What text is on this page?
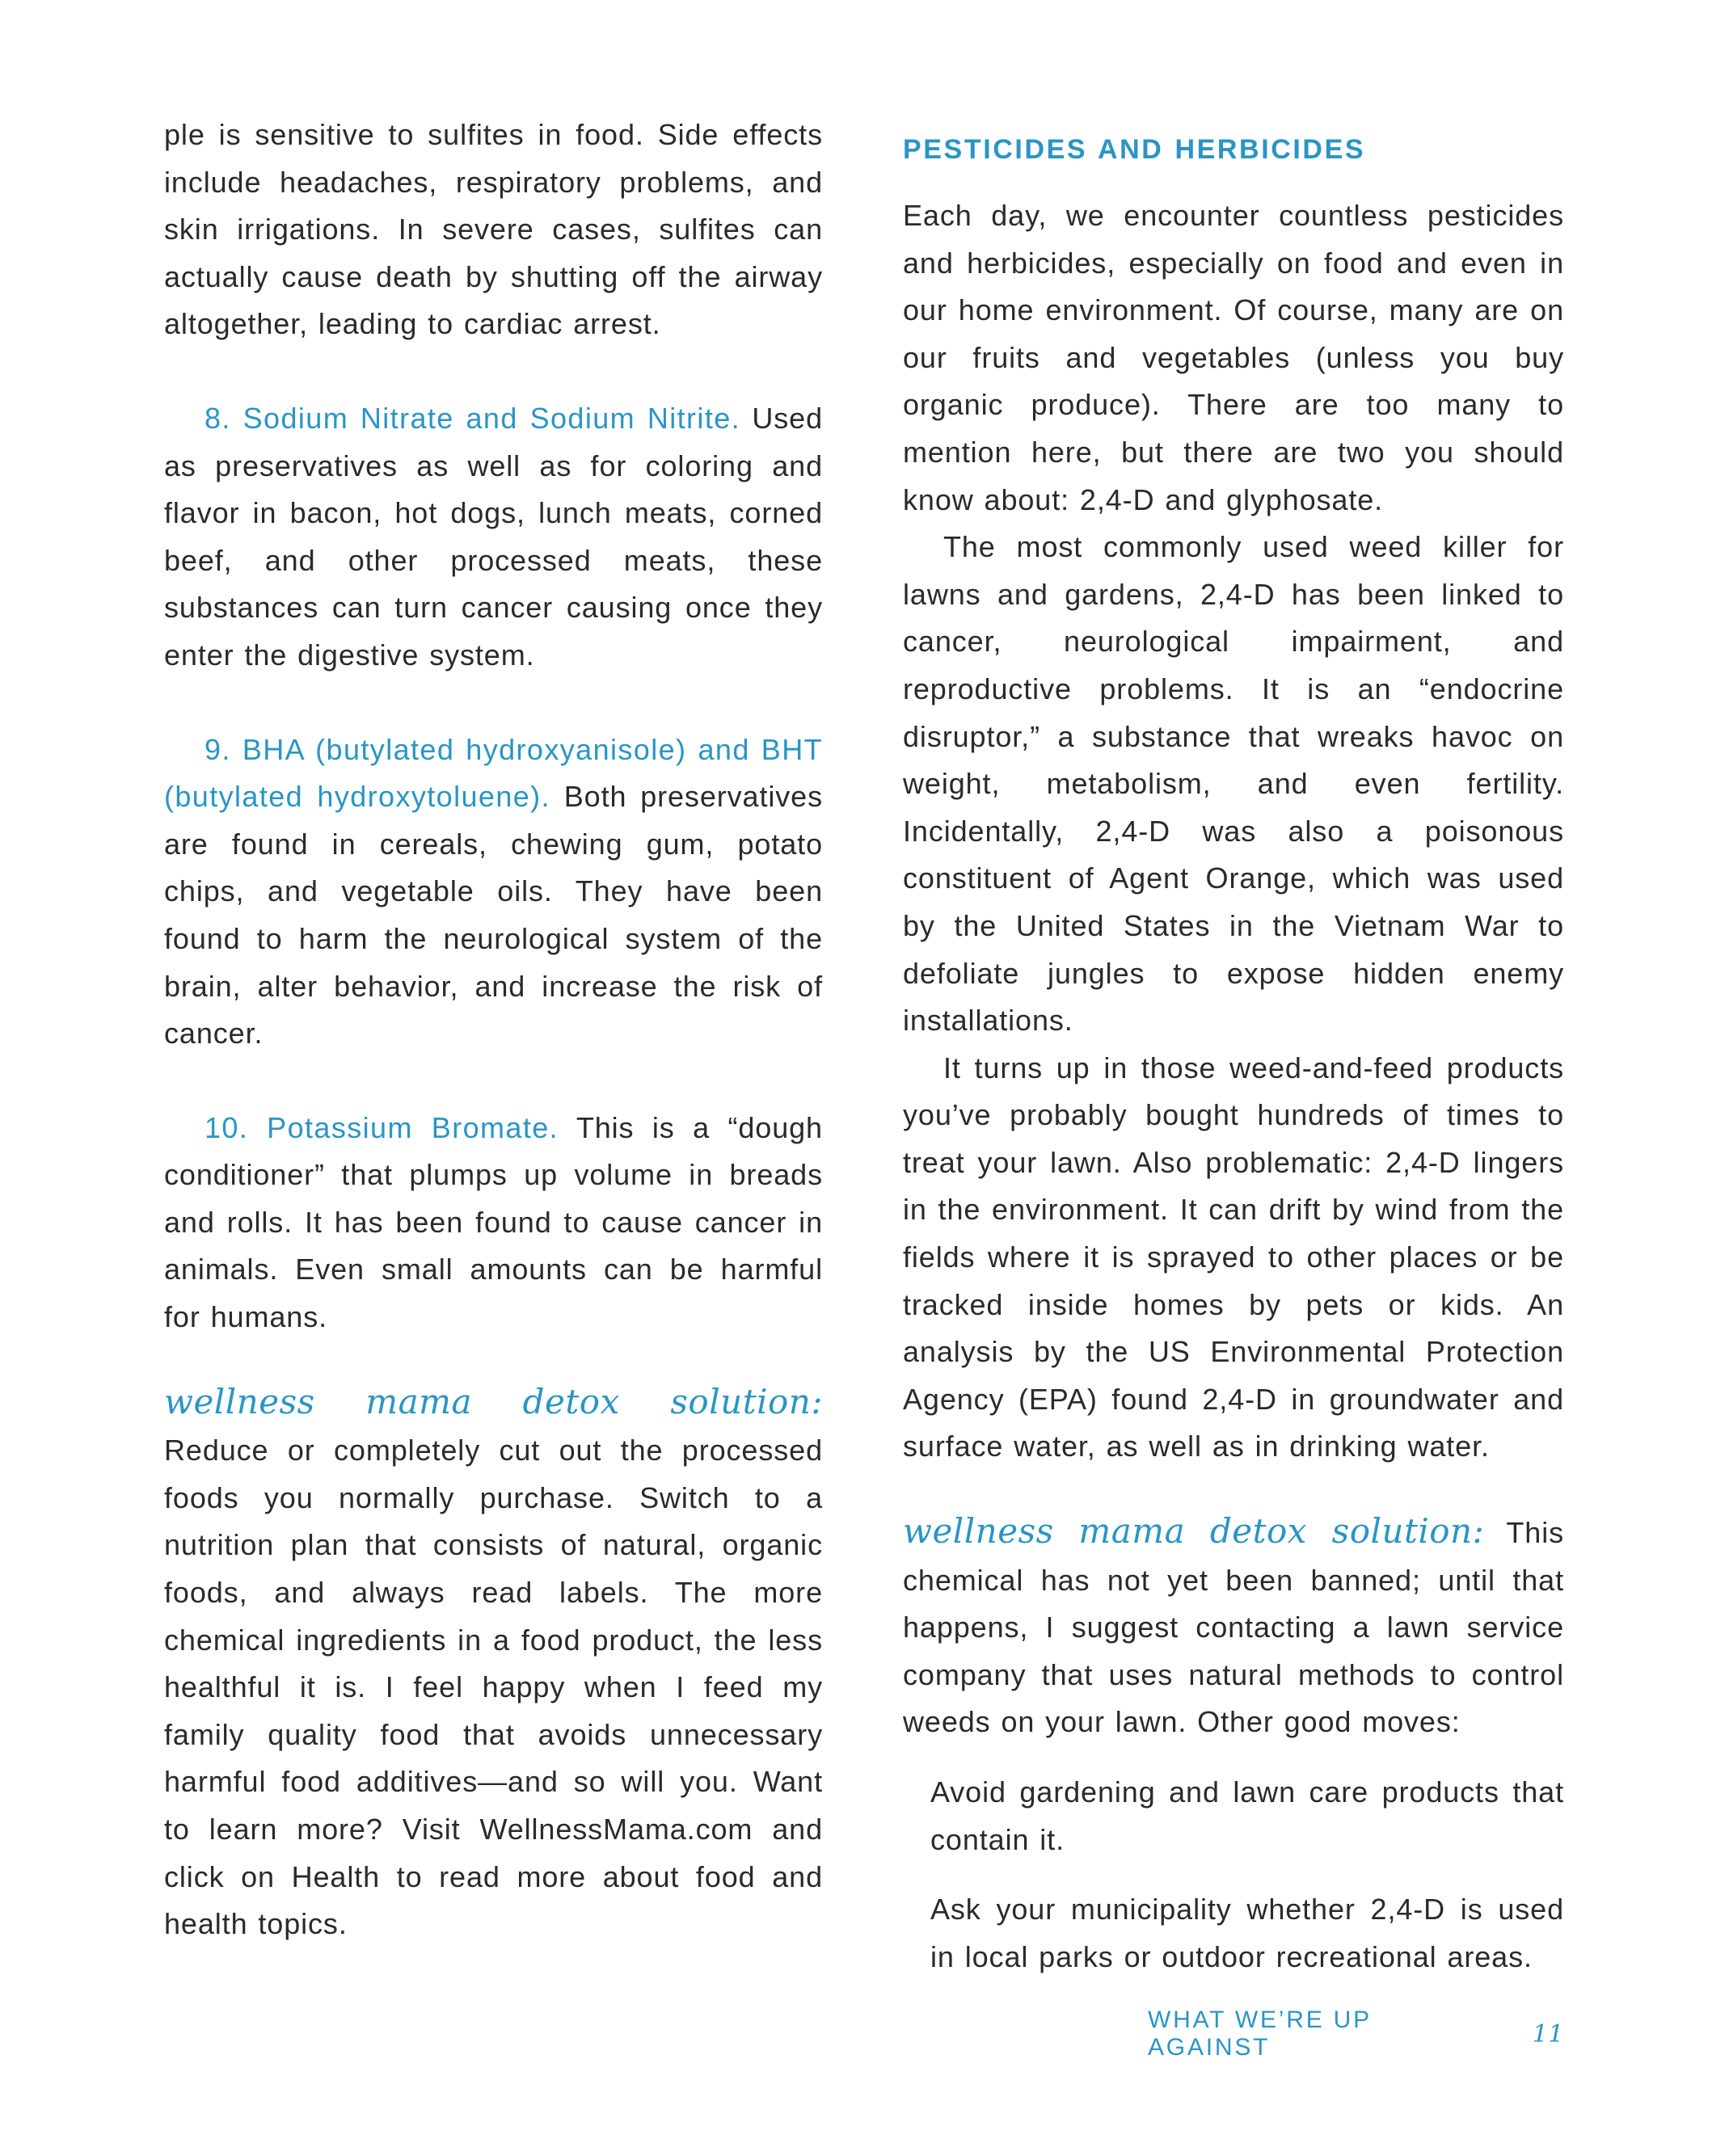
ple is sensitive to sulfites in food. Side effects include headaches, respiratory problems, and skin irrigations. In severe cases, sulfites can actually cause death by shutting off the airway altogether, leading to cardiac arrest.

8. Sodium Nitrate and Sodium Nitrite. Used as preservatives as well as for coloring and flavor in bacon, hot dogs, lunch meats, corned beef, and other processed meats, these substances can turn cancer causing once they enter the digestive system.

9. BHA (butylated hydroxyanisole) and BHT (butylated hydroxytoluene). Both preservatives are found in cereals, chewing gum, potato chips, and vegetable oils. They have been found to harm the neurological system of the brain, alter behavior, and increase the risk of cancer.

10. Potassium Bromate. This is a “dough conditioner” that plumps up volume in breads and rolls. It has been found to cause cancer in animals. Even small amounts can be harmful for humans.

wellness mama detox solution: Reduce or completely cut out the processed foods you normally purchase. Switch to a nutrition plan that consists of natural, organic foods, and always read labels. The more chemical ingredients in a food product, the less healthful it is. I feel happy when I feed my family quality food that avoids unnecessary harmful food additives—and so will you. Want to learn more? Visit WellnessMama.com and click on Health to read more about food and health topics.

PESTICIDES AND HERBICIDES

Each day, we encounter countless pesticides and herbicides, especially on food and even in our home environment. Of course, many are on our fruits and vegetables (unless you buy organic produce). There are too many to mention here, but there are two you should know about: 2,4-D and glyphosate.

The most commonly used weed killer for lawns and gardens, 2,4-D has been linked to cancer, neurological impairment, and reproductive problems. It is an “endocrine disruptor,” a substance that wreaks havoc on weight, metabolism, and even fertility. Incidentally, 2,4-D was also a poisonous constituent of Agent Orange, which was used by the United States in the Vietnam War to defoliate jungles to expose hidden enemy installations.

It turns up in those weed-and-feed products you’ve probably bought hundreds of times to treat your lawn. Also problematic: 2,4-D lingers in the environment. It can drift by wind from the fields where it is sprayed to other places or be tracked inside homes by pets or kids. An analysis by the US Environmental Protection Agency (EPA) found 2,4-D in groundwater and surface water, as well as in drinking water.

wellness mama detox solution: This chemical has not yet been banned; until that happens, I suggest contacting a lawn service company that uses natural methods to control weeds on your lawn. Other good moves:

Avoid gardening and lawn care products that contain it.

Ask your municipality whether 2,4-D is used in local parks or outdoor recreational areas.

WHAT WE’RE UP AGAINST	11
